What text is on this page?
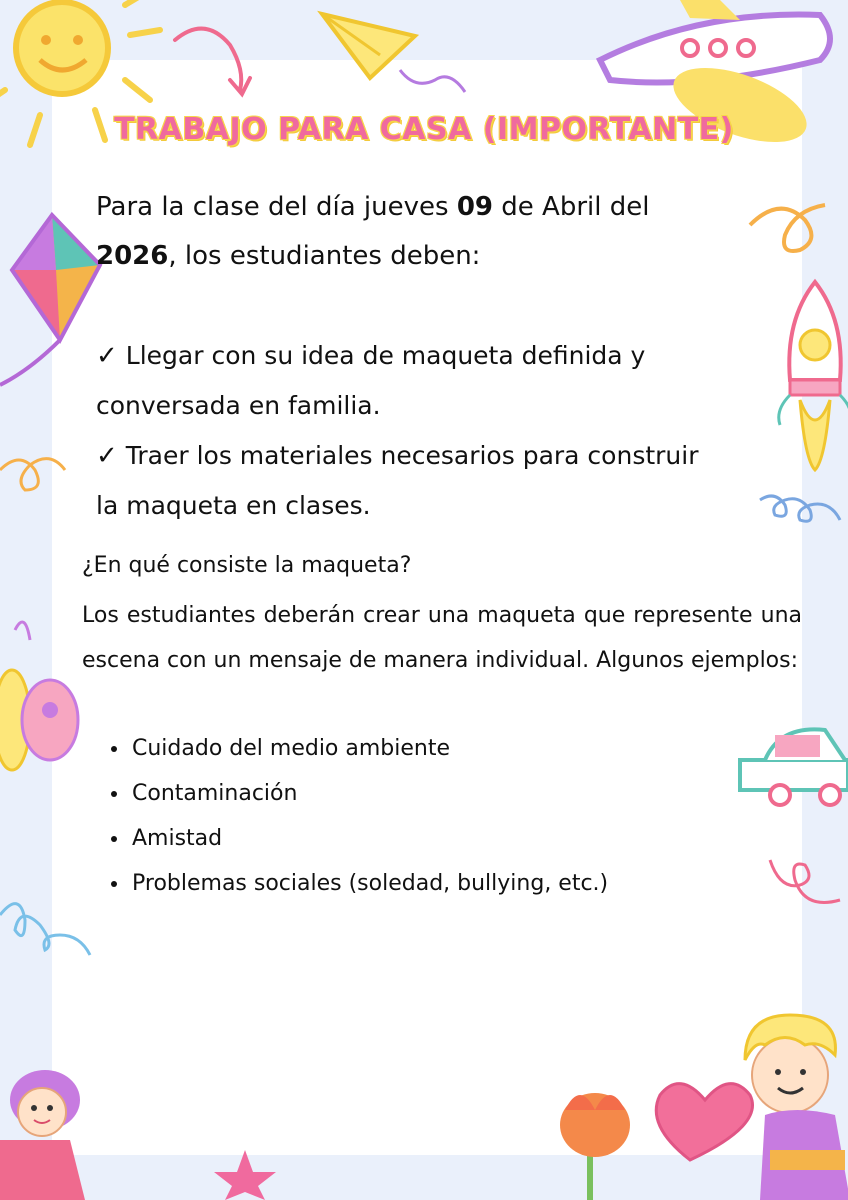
TRABAJO PARA CASA (IMPORTANTE)
Para la clase del día jueves 09 de Abril del
2026, los estudiantes deben:
✓ Llegar con su idea de maqueta definida y
conversada en familia.
✓ Traer los materiales necesarios para construir
la maqueta en clases.
¿En qué consiste la maqueta?
Los estudiantes deberán crear una maqueta que represente una escena con un mensaje de manera individual. Algunos ejemplos:
• Cuidado del medio ambiente
• Contaminación
• Amistad
• Problemas sociales (soledad, bullying, etc.)
